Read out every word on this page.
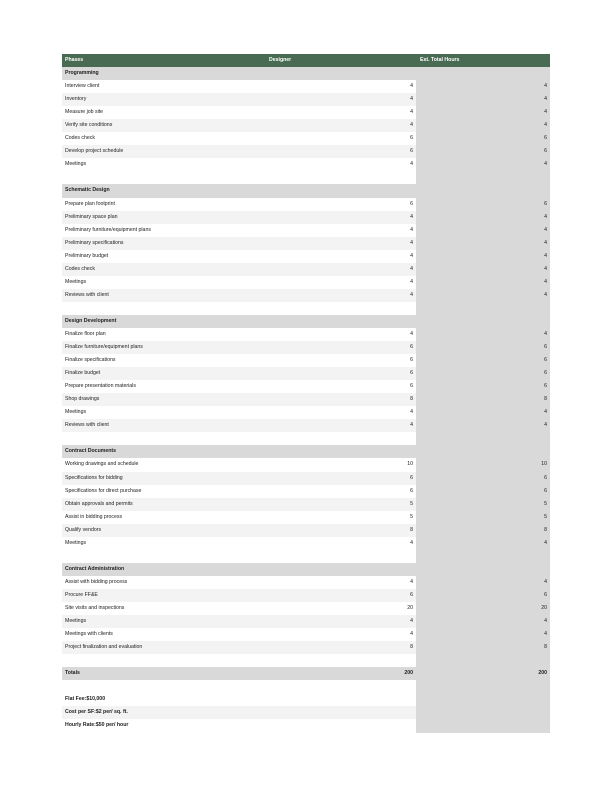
Phases	Designer	Est. Total Hours
Programming
Interview client	4	4
Inventory	4	4
Measure job site	4	4
Verify site conditions	4	4
Codes check	6	6
Develop project schedule	6	6
Meetings	4	4
Schematic Design
Prepare plan footprint	6	6
Preliminary space plan	4	4
Preliminary furniture/equipment plans	4	4
Preliminary specifications	4	4
Preliminary budget	4	4
Codes check	4	4
Meetings	4	4
Reviews with client	4	4
Design Development
Finalize floor plan	4	4
Finalize furniture/equipment plans	6	6
Finalize specifications	6	6
Finalize budget	6	6
Prepare presentation materials	6	6
Shop drawings	8	8
Meetings	4	4
Reviews with client	4	4
Contract Documents
Working drawings and schedule	10	10
Specifications for bidding	6	6
Specifications for direct purchase	6	6
Obtain approvals and permits	5	5
Assist in bidding process	5	5
Qualify vendors	8	8
Meetings	4	4
Contract Administration
Assist with bidding process	4	4
Procure FF&E	6	6
Site visits and inspections	20	20
Meetings	4	4
Meetings with clients	4	4
Project finalization and evaluation	8	8
Totals	200	200
Flat Fee:$10,000
Cost per SF:$2 per/ sq. ft.
Hourly Rate:$50 per/ hour
